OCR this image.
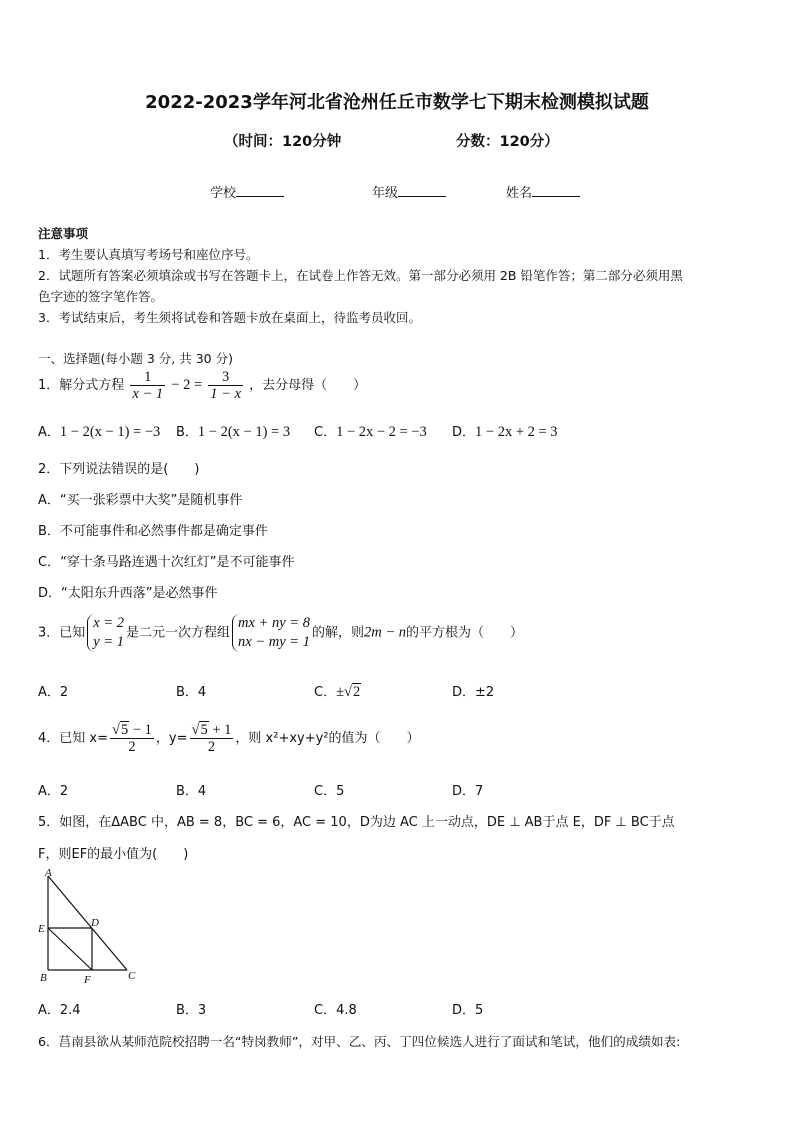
2022-2023学年河北省沧州任丘市数学七下期末检测模拟试题
（时间：120分钟	分数：120分）
学校	年级	姓名
注意事项
1．考生要认真填写考场号和座位序号。
2．试题所有答案必须填涂或书写在答题卡上，在试卷上作答无效。第一部分必须用 2B 铅笔作答；第二部分必须用黑
色字迹的签字笔作答。
3．考试结束后，考生须将试卷和答题卡放在桌面上，待监考员收回。
一、选择题(每小题 3 分, 共 30 分)
1．解分式方程 $\frac{1}{x - 1} - 2 = \frac{3}{1 - x}$ ，去分母得（　　）
A．1 − 2(x − 1) = −3 B．1 − 2(x − 1) = 3 C．1 − 2x − 2 = −3 D．1 − 2x + 2 = 3
2．下列说法错误的是(　　)
A．“买一张彩票中大奖”是随机事件
B．不可能事件和必然事件都是确定事件
C．“穿十条马路连遇十次红灯”是不可能事件
D．“太阳东升西落”是必然事件
3．已知
x = 2
y = 1
是二元一次方程组
mx + ny = 8
nx − my = 1
的解，则2m − n的平方根为（　　）
A．2	B．4	C．±√2	D．±2
4．已知 $x= \frac{√5 - 1}{2}$ ，$y= \frac{√5 + 1}{2}$ ，则 x²+xy+y²的值为（　　）
A．2	B．4	C．5	D．7
5．如图，在ΔABC 中，AB = 8，BC = 6，AC = 10，D为边 AC 上一动点，DE ⊥ AB于点 E，DF ⊥ BC于点
F，则EF的最小值为(　　)
A
E	D
B	F	C
A．2.4	B．3	C．4.8	D．5
6．莒南县欲从某师范院校招聘一名“特岗教师”，对甲、乙、丙、丁四位候选人进行了面试和笔试，他们的成绩如表:
